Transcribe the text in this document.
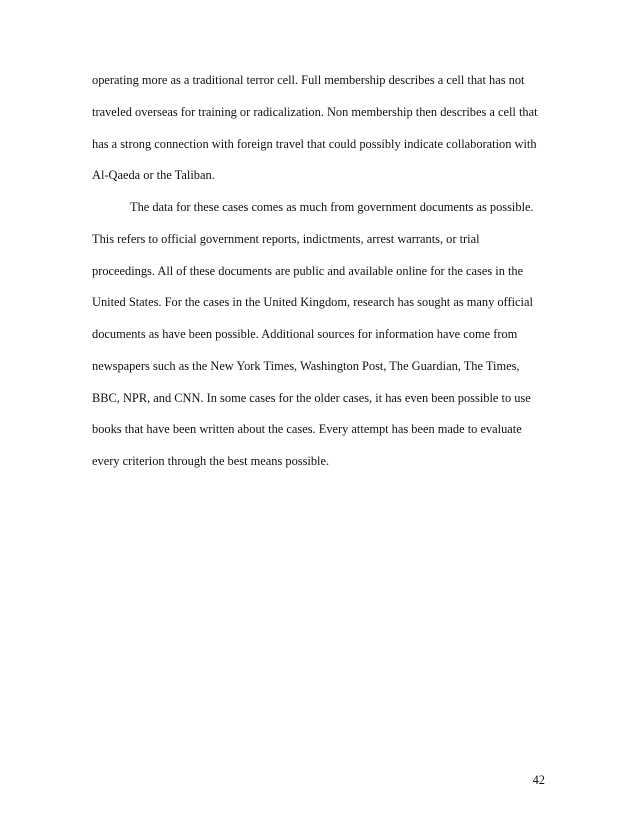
operating more as a traditional terror cell. Full membership describes a cell that has not

traveled overseas for training or radicalization. Non membership then describes a cell that

has a strong connection with foreign travel that could possibly indicate collaboration with

Al-Qaeda or the Taliban.

The data for these cases comes as much from government documents as possible.

This refers to official government reports, indictments, arrest warrants, or trial

proceedings. All of these documents are public and available online for the cases in the

United States. For the cases in the United Kingdom, research has sought as many official

documents as have been possible. Additional sources for information have come from

newspapers such as the New York Times, Washington Post, The Guardian, The Times,

BBC, NPR, and CNN. In some cases for the older cases, it has even been possible to use

books that have been written about the cases. Every attempt has been made to evaluate

every criterion through the best means possible.

42
